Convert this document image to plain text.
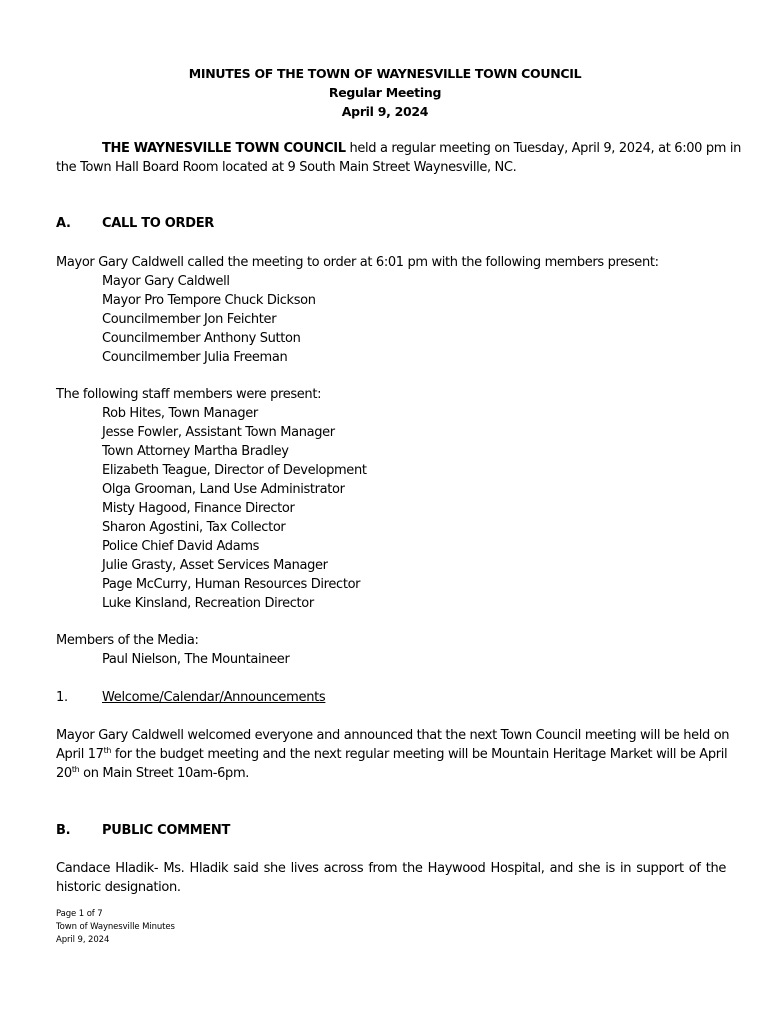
MINUTES OF THE TOWN OF WAYNESVILLE TOWN COUNCIL
Regular Meeting
April 9, 2024
THE WAYNESVILLE TOWN COUNCIL held a regular meeting on Tuesday, April 9, 2024, at 6:00 pm in
the Town Hall Board Room located at 9 South Main Street Waynesville, NC.
A. CALL TO ORDER
Mayor Gary Caldwell called the meeting to order at 6:01 pm with the following members present:
Mayor Gary Caldwell
Mayor Pro Tempore Chuck Dickson
Councilmember Jon Feichter
Councilmember Anthony Sutton
Councilmember Julia Freeman
The following staff members were present:
Rob Hites, Town Manager
Jesse Fowler, Assistant Town Manager
Town Attorney Martha Bradley
Elizabeth Teague, Director of Development
Olga Grooman, Land Use Administrator
Misty Hagood, Finance Director
Sharon Agostini, Tax Collector
Police Chief David Adams
Julie Grasty, Asset Services Manager
Page McCurry, Human Resources Director
Luke Kinsland, Recreation Director
Members of the Media:
Paul Nielson, The Mountaineer
1.	Welcome/Calendar/Announcements
Mayor Gary Caldwell welcomed everyone and announced that the next Town Council meeting will be held on
April 17th for the budget meeting and the next regular meeting will be Mountain Heritage Market will be April
20th on Main Street 10am-6pm.
B. PUBLIC COMMENT
Candace Hladik- Ms. Hladik said she lives across from the Haywood Hospital, and she is in support of the
historic designation.
Page 1 of 7
Town of Waynesville Minutes
April 9, 2024
